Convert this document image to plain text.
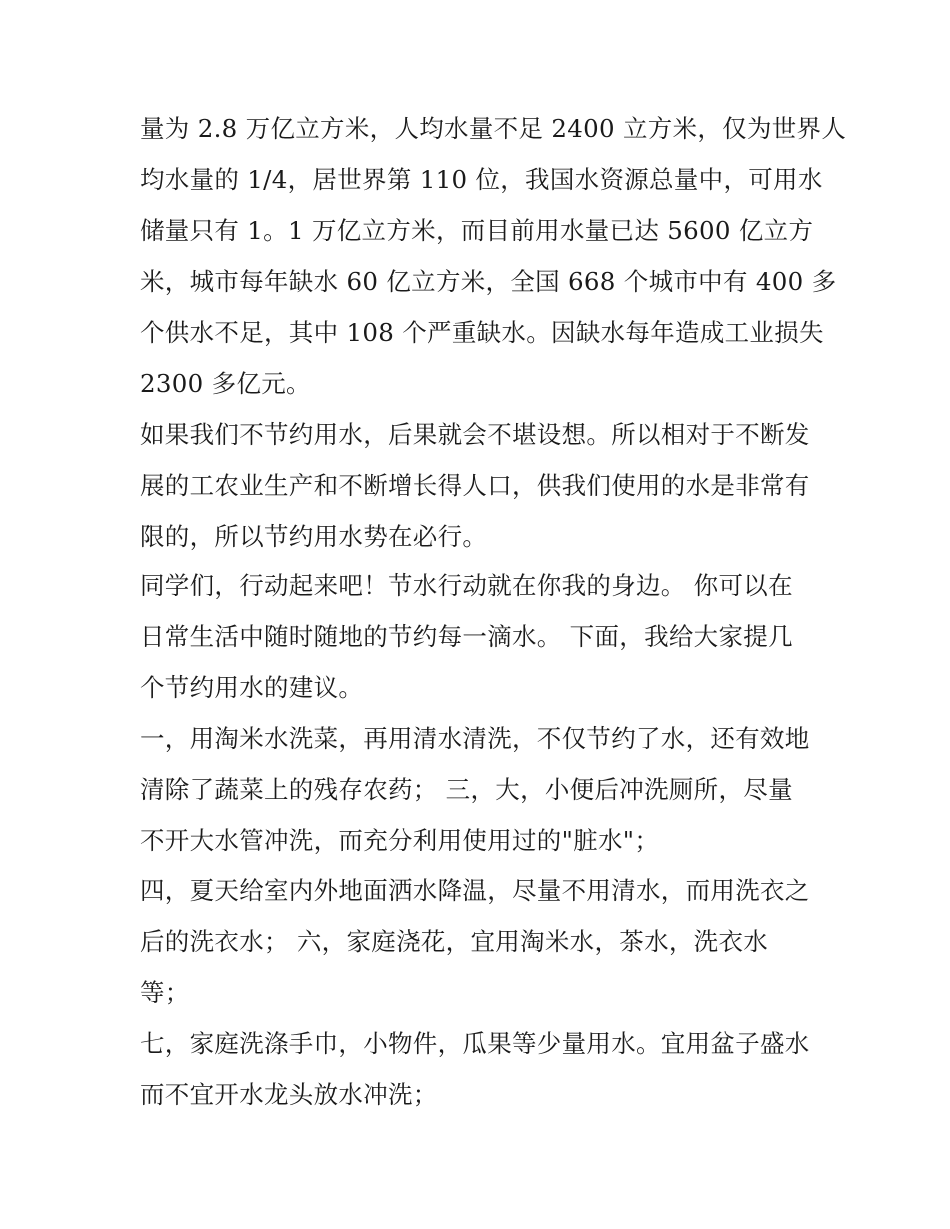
量为 2.8 万亿立方米，人均水量不足 2400 立方米，仅为世界人
均水量的 1/4，居世界第 110 位，我国水资源总量中，可用水
储量只有 1。1 万亿立方米，而目前用水量已达 5600 亿立方
米，城市每年缺水 60 亿立方米，全国 668 个城市中有 400 多
个供水不足，其中 108 个严重缺水。因缺水每年造成工业损失
2300 多亿元。
如果我们不节约用水，后果就会不堪设想。所以相对于不断发
展的工农业生产和不断增长得人口，供我们使用的水是非常有
限的，所以节约用水势在必行。
同学们，行动起来吧！节水行动就在你我的身边。 你可以在
日常生活中随时随地的节约每一滴水。 下面，我给大家提几
个节约用水的建议。
一，用淘米水洗菜，再用清水清洗，不仅节约了水，还有效地
清除了蔬菜上的残存农药； 三，大，小便后冲洗厕所，尽量
不开大水管冲洗，而充分利用使用过的"脏水"；
四，夏天给室内外地面洒水降温，尽量不用清水，而用洗衣之
后的洗衣水； 六，家庭浇花，宜用淘米水，茶水，洗衣水
等；
七，家庭洗涤手巾，小物件，瓜果等少量用水。宜用盆子盛水
而不宜开水龙头放水冲洗；
